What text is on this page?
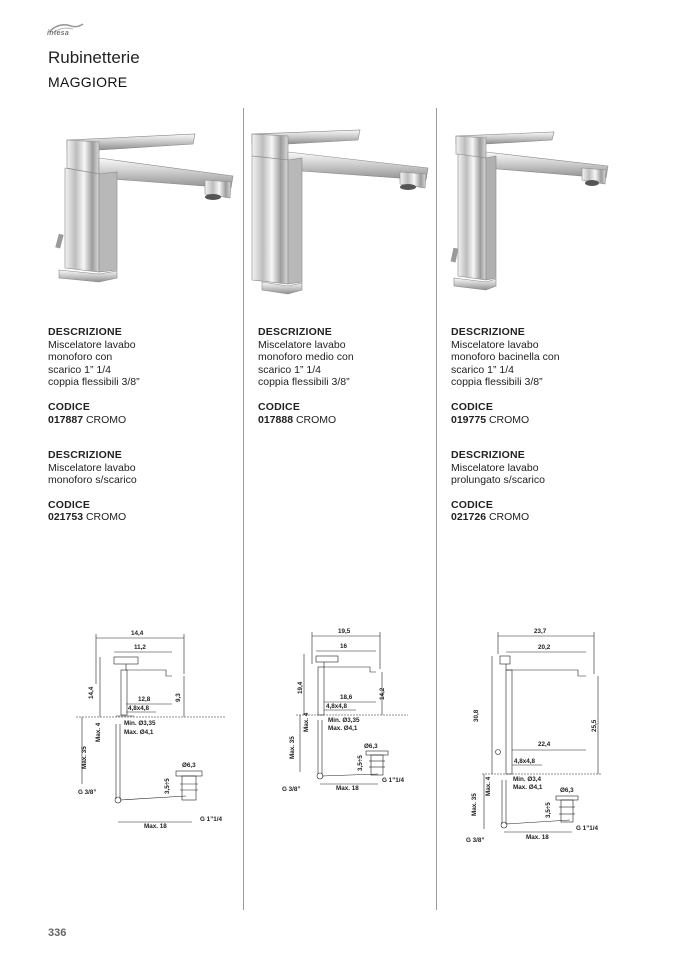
intesa
Rubinetterie
MAGGIORE
DESCRIZIONE
Miscelatore lavabo
monoforo con
scarico 1” 1/4
coppia flessibili 3/8”
CODICE
017887 CROMO
DESCRIZIONE
Miscelatore lavabo
monoforo s/scarico
CODICE
021753 CROMO
14,4
11,2
14,4	9,3
12,8
4,8x4,8
Min. Ø3,35
Max. Ø4,1
Max. 4
Max. 35
G 3/8”
Ø6,3
3,5÷5
Max. 18
G 1”1/4
DESCRIZIONE
Miscelatore lavabo
monoforo medio con
scarico 1” 1/4
coppia flessibili 3/8”
CODICE
017888 CROMO
19,5
16
19,4	14,2
18,6
4,8x4,8
Min. Ø3,35
Max. Ø4,1
Max. 4
Max. 35
G 3/8”
Ø6,3
3,5÷5
Max. 18
G 1”1/4
DESCRIZIONE
Miscelatore lavabo
monoforo bacinella con
scarico 1” 1/4
coppia flessibili 3/8”
CODICE
019775 CROMO
DESCRIZIONE
Miscelatore lavabo
prolungato s/scarico
CODICE
021726 CROMO
23,7
20,2
30,8
25,5
22,4
4,8x4,8
Min. Ø3,4
Max. Ø4,1
Max. 4
Max. 35
G 3/8”
Ø6,3
3,5÷5
Max. 18
G 1”1/4
336
